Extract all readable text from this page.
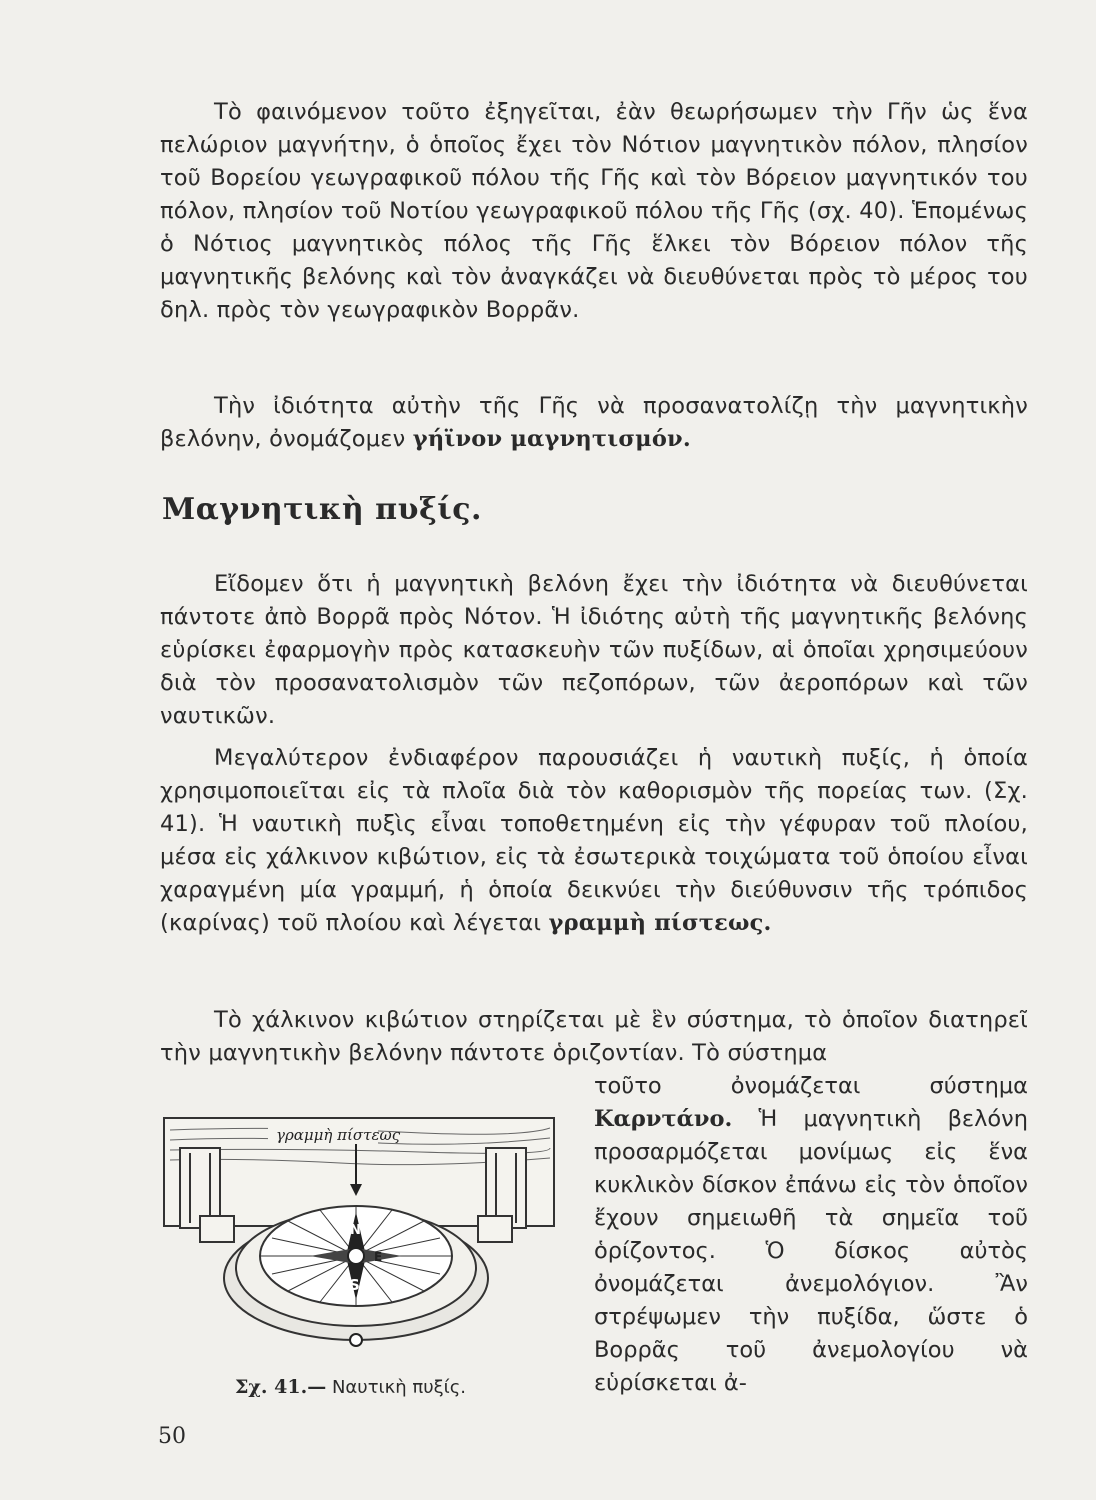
Τὸ φαινόμενον τοῦτο ἐξηγεῖται, ἐὰν θεωρήσωμεν τὴν Γῆν ὡς ἕνα πελώριον μαγνήτην, ὁ ὁποῖος ἔχει τὸν Νότιον μαγνητικὸν πόλον, πλησίον τοῦ Βορείου γεωγραφικοῦ πόλου τῆς Γῆς καὶ τὸν Βόρειον μαγνητικόν του πόλον, πλησίον τοῦ Νοτίου γεωγραφικοῦ πόλου τῆς Γῆς (σχ. 40). Ἑπομένως ὁ Νότιος μαγνητικὸς πόλος τῆς Γῆς ἕλκει τὸν Βόρειον πόλον τῆς μαγνητικῆς βελόνης καὶ τὸν ἀναγκάζει νὰ διευθύνεται πρὸς τὸ μέρος του δηλ. πρὸς τὸν γεωγραφικὸν Βορρᾶν.

Τὴν ἰδιότητα αὐτὴν τῆς Γῆς νὰ προσανατολίζῃ τὴν μαγνητικὴν βελόνην, ὀνομάζομεν γήϊνον μαγνητισμόν.

Μαγνητικὴ πυξίς.

Εἴδομεν ὅτι ἡ μαγνητικὴ βελόνη ἔχει τὴν ἰδιότητα νὰ διευθύνεται πάντοτε ἀπὸ Βορρᾶ πρὸς Νότον. Ἡ ἰδιότης αὐτὴ τῆς μαγνητικῆς βελόνης εὑρίσκει ἐφαρμογὴν πρὸς κατασκευὴν τῶν πυξίδων, αἱ ὁποῖαι χρησιμεύουν διὰ τὸν προσανατολισμὸν τῶν πεζοπόρων, τῶν ἀεροπόρων καὶ τῶν ναυτικῶν.

Μεγαλύτερον ἐνδιαφέρον παρουσιάζει ἡ ναυτικὴ πυξίς, ἡ ὁποία χρησιμοποιεῖται εἰς τὰ πλοῖα διὰ τὸν καθορισμὸν τῆς πορείας των. (Σχ. 41). Ἡ ναυτικὴ πυξὶς εἶναι τοποθετημένη εἰς τὴν γέφυραν τοῦ πλοίου, μέσα εἰς χάλκινον κιβώτιον, εἰς τὰ ἐσωτερικὰ τοιχώματα τοῦ ὁποίου εἶναι χαραγμένη μία γραμμή, ἡ ὁποία δεικνύει τὴν διεύθυνσιν τῆς τρόπιδος (καρίνας) τοῦ πλοίου καὶ λέγεται γραμμὴ πίστεως.

Τὸ χάλκινον κιβώτιον στηρίζεται μὲ ἓν σύστημα, τὸ ὁποῖον διατηρεῖ τὴν μαγνητικὴν βελόνην πάντοτε ὁριζοντίαν. Τὸ σύστημα

τοῦτο ὀνομάζεται σύστημα Καρντάνο. Ἡ μαγνητικὴ βελόνη προσαρμόζεται μονίμως εἰς ἕνα κυκλικὸν δίσκον ἐπάνω εἰς τὸν ὁποῖον ἔχουν σημειωθῆ τὰ σημεῖα τοῦ ὁρίζοντος. Ὁ δίσκος αὐτὸς ὀνομάζεται ἀνεμολόγιον. Ἂν στρέψωμεν τὴν πυξίδα, ὥστε ὁ Βορρᾶς τοῦ ἀνεμολογίου νὰ εὑρίσκεται ἀ-

γραμμὴ πίστεως
N
S
E
Σχ. 41.— Ναυτικὴ πυξίς.
50
